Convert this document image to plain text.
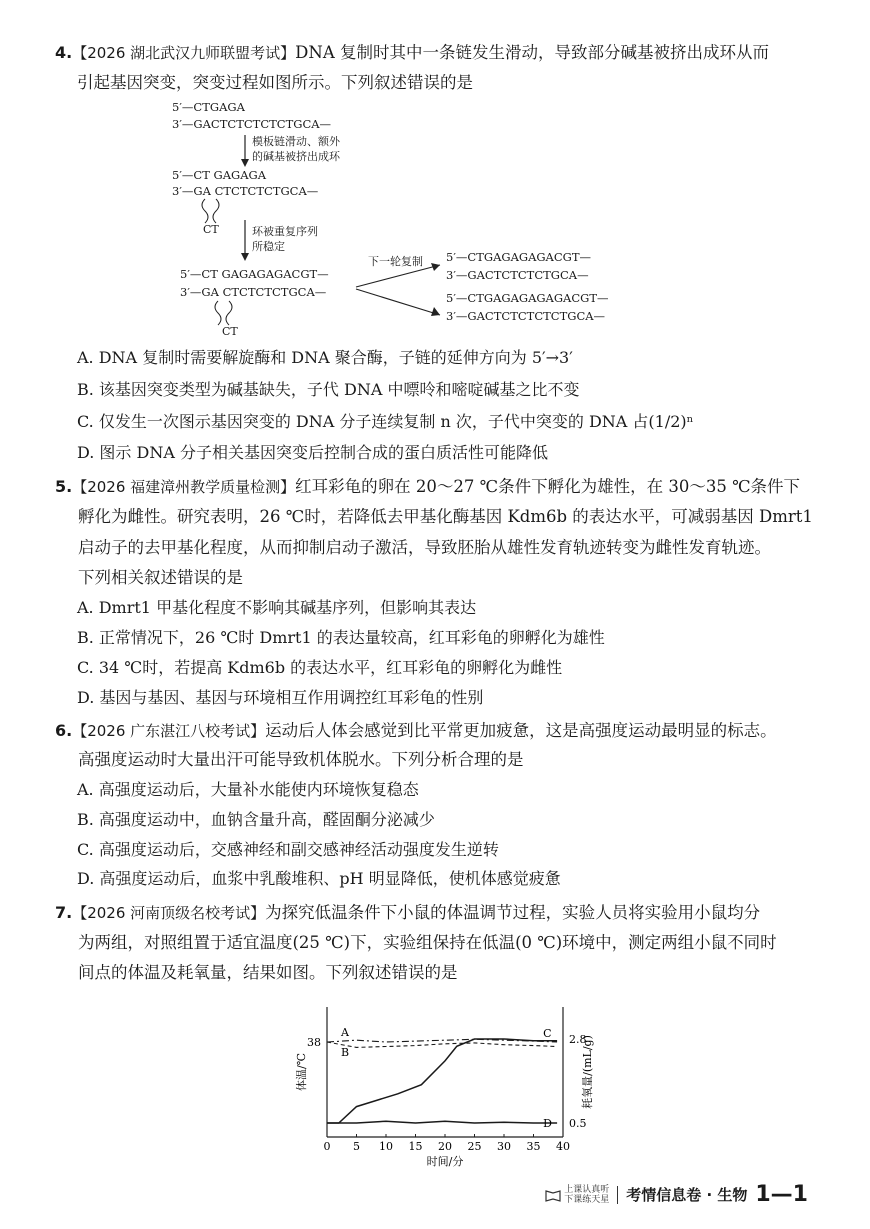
4.【2026 湖北武汉九师联盟考试】DNA 复制时其中一条链发生滑动，导致部分碱基被挤出成环从而
引起基因突变，突变过程如图所示。下列叙述错误的是
5′—CTGAGA
3′—GACTCTCTCTCTGCA—
模板链滑动、额外
的碱基被挤出成环
5′—CT GAGAGA
3′—GA CTCTCTCTGCA—
CT	环被重复序列
所稳定
5′—CT GAGAGAGACGT—
3′—GA CTCTCTCTGCA—
CT
下一轮复制 5′—CTGAGAGAGACGT—
3′—GACTCTCTCTGCA—
5′—CTGAGAGAGAGACGT—
3′—GACTCTCTCTCTGCA—
A. DNA 复制时需要解旋酶和 DNA 聚合酶，子链的延伸方向为 5′→3′
B. 该基因突变类型为碱基缺失，子代 DNA 中嘌呤和嘧啶碱基之比不变
C. 仅发生一次图示基因突变的 DNA 分子连续复制 n 次，子代中突变的 DNA 占(1/2)ⁿ
D. 图示 DNA 分子相关基因突变后控制合成的蛋白质活性可能降低
5.【2026 福建漳州教学质量检测】红耳彩龟的卵在 20～27 ℃条件下孵化为雄性，在 30～35 ℃条件下
孵化为雌性。研究表明，26 ℃时，若降低去甲基化酶基因 Kdm6b 的表达水平，可减弱基因 Dmrt1
启动子的去甲基化程度，从而抑制启动子激活，导致胚胎从雄性发育轨迹转变为雌性发育轨迹。
下列相关叙述错误的是
A. Dmrt1 甲基化程度不影响其碱基序列，但影响其表达
B. 正常情况下，26 ℃时 Dmrt1 的表达量较高，红耳彩龟的卵孵化为雄性
C. 34 ℃时，若提高 Kdm6b 的表达水平，红耳彩龟的卵孵化为雌性
D. 基因与基因、基因与环境相互作用调控红耳彩龟的性别
6.【2026 广东湛江八校考试】运动后人体会感觉到比平常更加疲惫，这是高强度运动最明显的标志。
高强度运动时大量出汗可能导致机体脱水。下列分析合理的是
A. 高强度运动后，大量补水能使内环境恢复稳态
B. 高强度运动中，血钠含量升高，醛固酮分泌减少
C. 高强度运动后，交感神经和副交感神经活动强度发生逆转
D. 高强度运动后，血浆中乳酸堆积、pH 明显降低，使机体感觉疲惫
7.【2026 河南顶级名校考试】为探究低温条件下小鼠的体温调节过程，实验人员将实验用小鼠均分
为两组，对照组置于适宜温度(25 ℃)下，实验组保持在低温(0 ℃)环境中，测定两组小鼠不同时
间点的体温及耗氧量，结果如图。下列叙述错误的是
0 5 10 15 20 25 30 35 40
38	2.8
0.5
时间/分
体温/℃	耗氧量/(mL/g)
A
B
C
D
上课认真听
下课练天星 考情信息卷 · 生物 1—1
